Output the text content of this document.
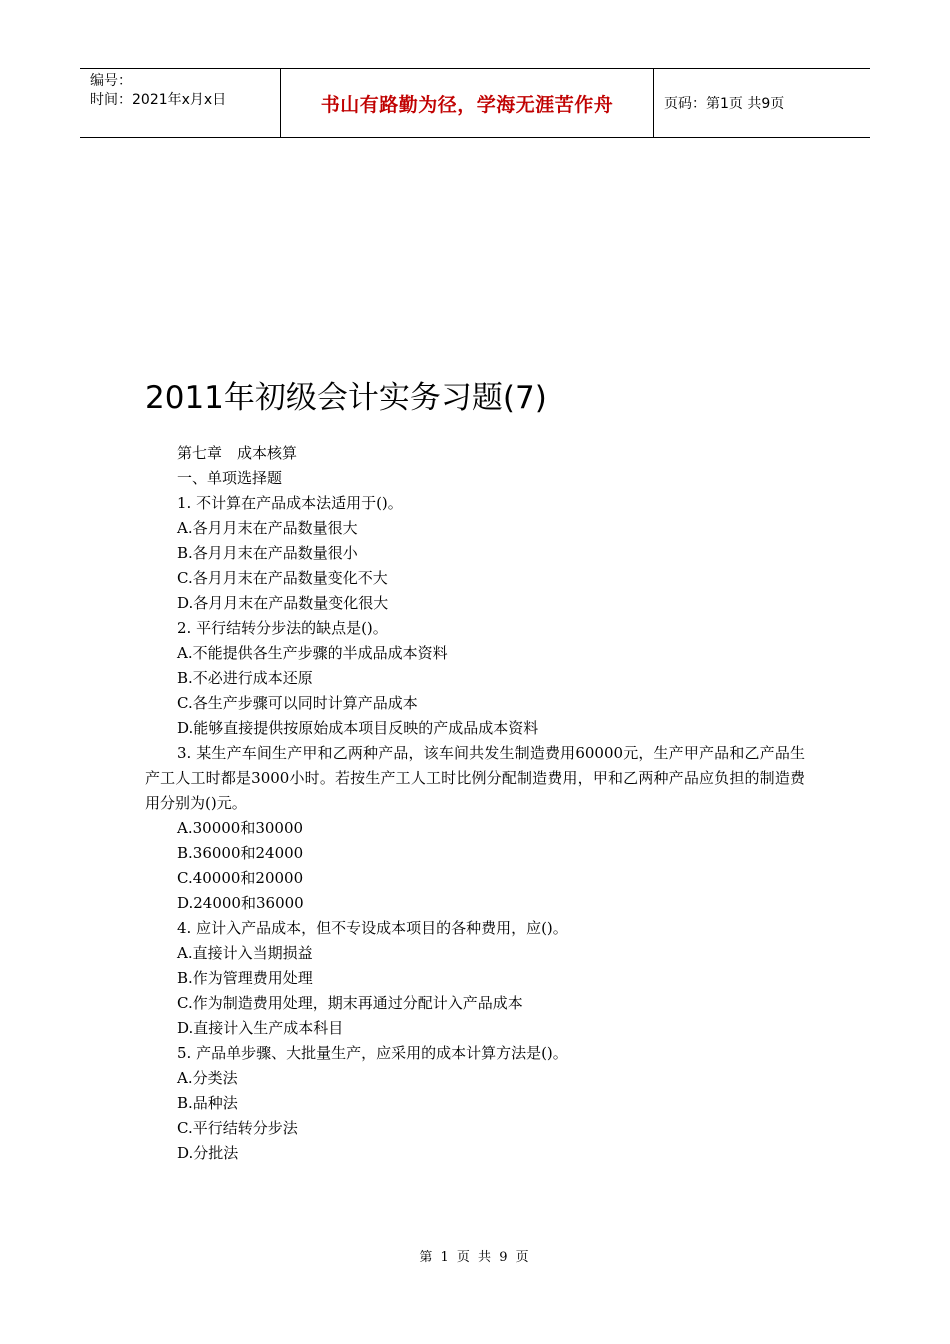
编号：
时间：2021年x月x日	书山有路勤为径，学海无涯苦作舟	页码：第1页 共9页
2011年初级会计实务习题(7)

第七章　成本核算

一、单项选择题

1. 不计算在产品成本法适用于()。

A.各月月末在产品数量很大

B.各月月末在产品数量很小

C.各月月末在产品数量变化不大

D.各月月末在产品数量变化很大

2. 平行结转分步法的缺点是()。

A.不能提供各生产步骤的半成品成本资料

B.不必进行成本还原

C.各生产步骤可以同时计算产品成本

D.能够直接提供按原始成本项目反映的产成品成本资料

3. 某生产车间生产甲和乙两种产品，该车间共发生制造费用60000元，生产甲产品和乙产品生产工人工时都是3000小时。若按生产工人工时比例分配制造费用，甲和乙两种产品应负担的制造费用分别为()元。

A.30000和30000

B.36000和24000

C.40000和20000

D.24000和36000

4. 应计入产品成本，但不专设成本项目的各种费用，应()。

A.直接计入当期损益

B.作为管理费用处理

C.作为制造费用处理，期末再通过分配计入产品成本

D.直接计入生产成本科目

5. 产品单步骤、大批量生产，应采用的成本计算方法是()。

A.分类法

B.品种法

C.平行结转分步法

D.分批法

第 1 页 共 9 页
